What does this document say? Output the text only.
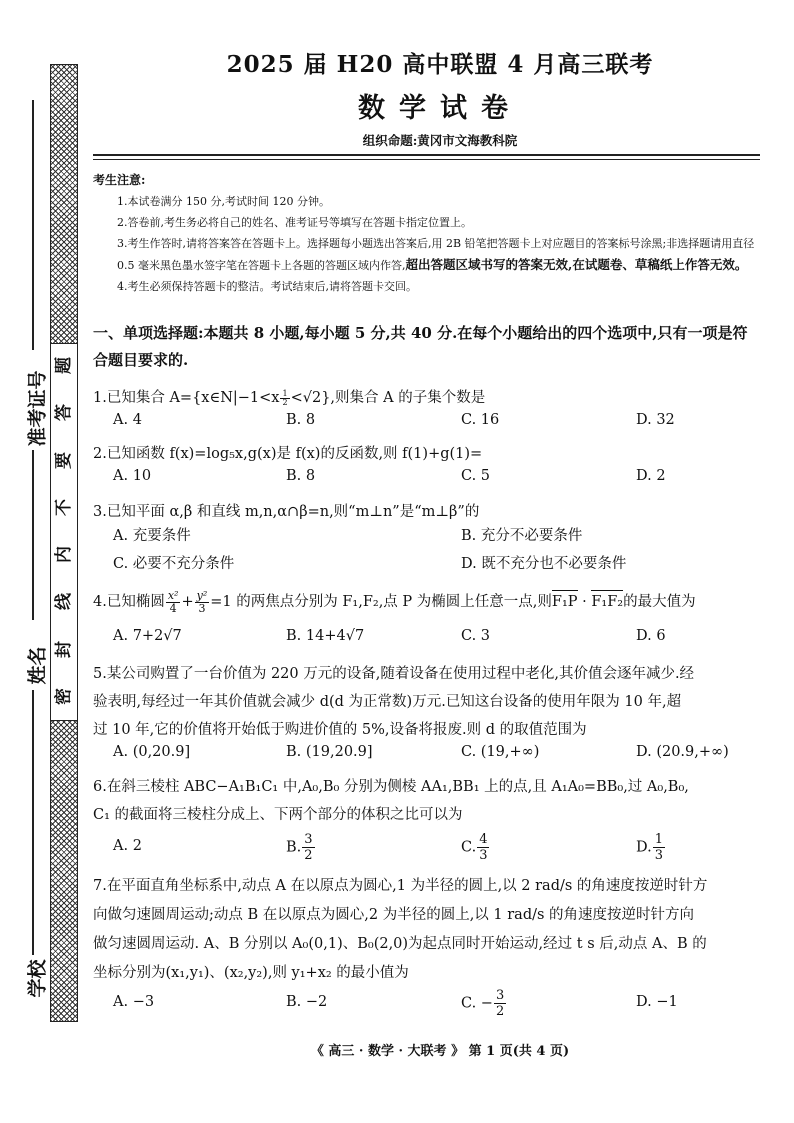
题
答
要
不
内
线
封
密
准考证号
姓名
学校
2025 届 H20 高中联盟 4 月高三联考
数学试卷
组织命题:黄冈市文海教科院
考生注意:
1.本试卷满分 150 分,考试时间 120 分钟。
2.答卷前,考生务必将自己的姓名、准考证号等填写在答题卡指定位置上。
3.考生作答时,请将答案答在答题卡上。选择题每小题选出答案后,用 2B 铅笔把答题卡上对应题目的答案标号涂黑;非选择题请用直径 0.5 毫米黑色墨水签字笔在答题卡上各题的答题区域内作答,超出答题区域书写的答案无效,在试题卷、草稿纸上作答无效。
4.考生必须保持答题卡的整洁。考试结束后,请将答题卡交回。
一、单项选择题:本题共 8 小题,每小题 5 分,共 40 分.在每个小题给出的四个选项中,只有一项是符
合题目要求的.
1.已知集合 A={x∈N|−1<x $^{\frac{1}{2}}$ <√2},则集合 A 的子集个数是
A. 4	B. 8	C. 16	D. 32
2.已知函数 f(x)=log₅x,g(x)是 f(x)的反函数,则 f(1)+g(1)=
A. 10	B. 8	C. 5	D. 2
3.已知平面 α,β 和直线 m,n,α∩β=n,则“m⊥n”是“m⊥β”的
A. 充要条件	B. 充分不必要条件
C. 必要不充分条件	D. 既不充分也不必要条件
4.已知椭圆 $\frac{\text{x²}}{4} + \frac{\text{y²}}{3} =1$ 的两焦点分别为 F₁,F₂,点 P 为椭圆上任意一点,则F₁P · F₁F₂的最大值为
A. 7+2√7	B. 14+4√7	C. 3	D. 6
5.某公司购置了一台价值为 220 万元的设备,随着设备在使用过程中老化,其价值会逐年减少.经
验表明,每经过一年其价值就会减少 d(d 为正常数)万元.已知这台设备的使用年限为 10 年,超
过 10 年,它的价值将开始低于购进价值的 5%,设备将报废.则 d 的取值范围为
A. (0,20.9]	B. (19,20.9]	C. (19,+∞)	D. (20.9,+∞)
6.在斜三棱柱 ABC−A₁B₁C₁ 中,A₀,B₀ 分别为侧棱 AA₁,BB₁ 上的点,且 A₁A₀=BB₀,过 A₀,B₀,
C₁ 的截面将三棱柱分成上、下两个部分的体积之比可以为
A. 2	B. $\frac{3}{2}$	C. $\frac{4}{3}$	D. $\frac{1}{3}$
7.在平面直角坐标系中,动点 A 在以原点为圆心,1 为半径的圆上,以 2 rad/s 的角速度按逆时针方
向做匀速圆周运动;动点 B 在以原点为圆心,2 为半径的圆上,以 1 rad/s 的角速度按逆时针方向
做匀速圆周运动. A、B 分别以 A₀(0,1)、B₀(2,0)为起点同时开始运动,经过 t s 后,动点 A、B 的
坐标分别为(x₁,y₁)、(x₂,y₂),则 y₁+x₂ 的最小值为
A. −3	B. −2	C. − $\frac{3}{2}$	D. −1
《 高三 · 数学 · 大联考 》 第 1 页(共 4 页)
